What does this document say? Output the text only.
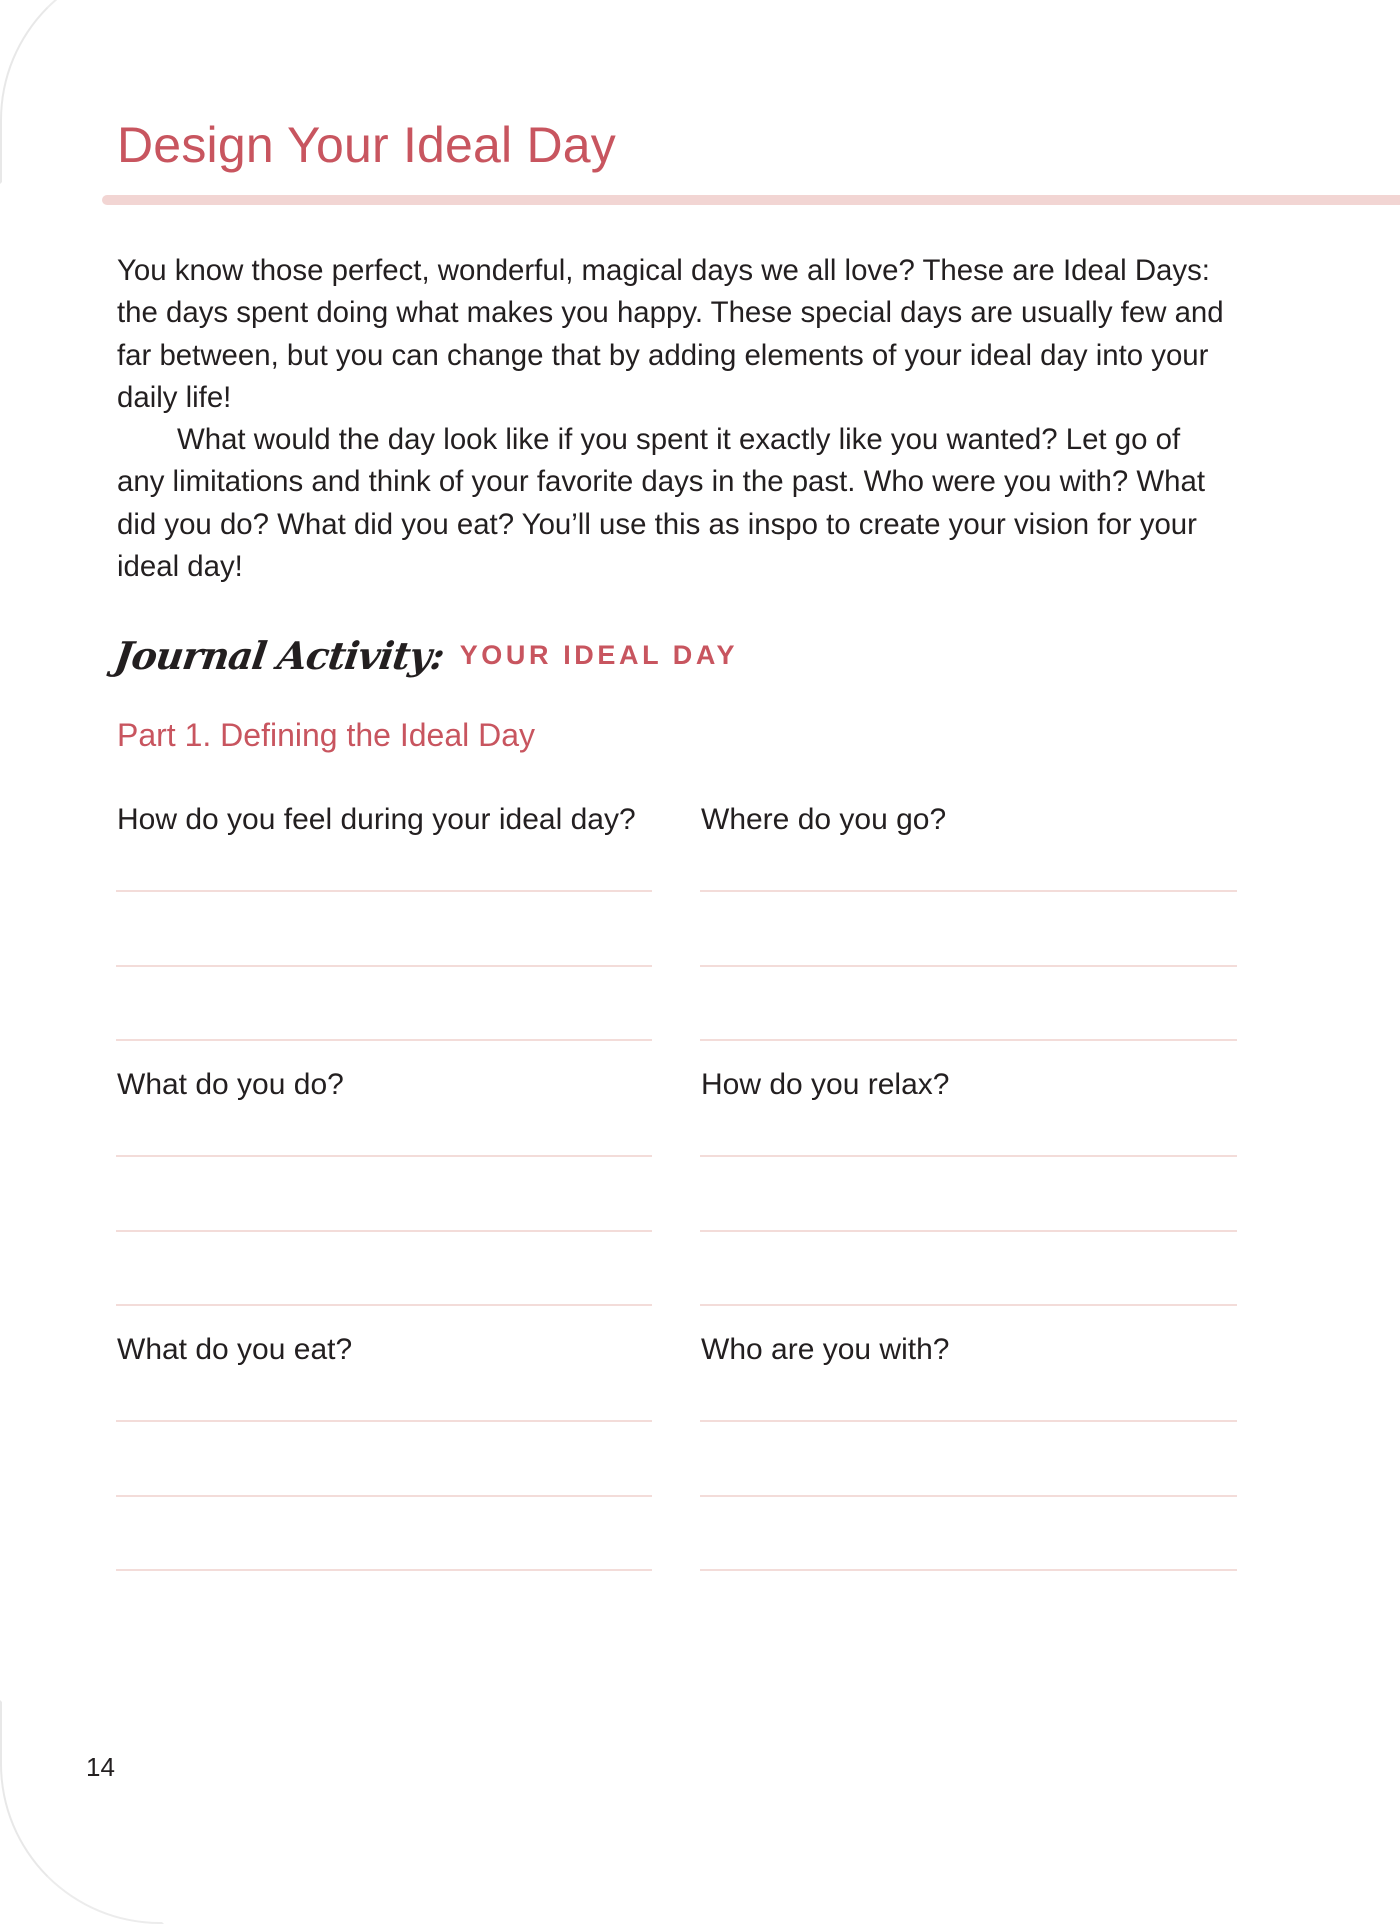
Design Your Ideal Day

You know those perfect, wonderful, magical days we all love? These are Ideal Days: the days spent doing what makes you happy. These special days are usually few and far between, but you can change that by adding elements of your ideal day into your daily life!

What would the day look like if you spent it exactly like you wanted? Let go of any limitations and think of your favorite days in the past. Who were you with? What did you do? What did you eat? You’ll use this as inspo to create your vision for your ideal day!

Journal Activity: YOUR IDEAL DAY
Part 1. Defining the Ideal Day
How do you feel during your ideal day? Where do you go?
What do you do?	How do you relax?
What do you eat?	Who are you with?
14
